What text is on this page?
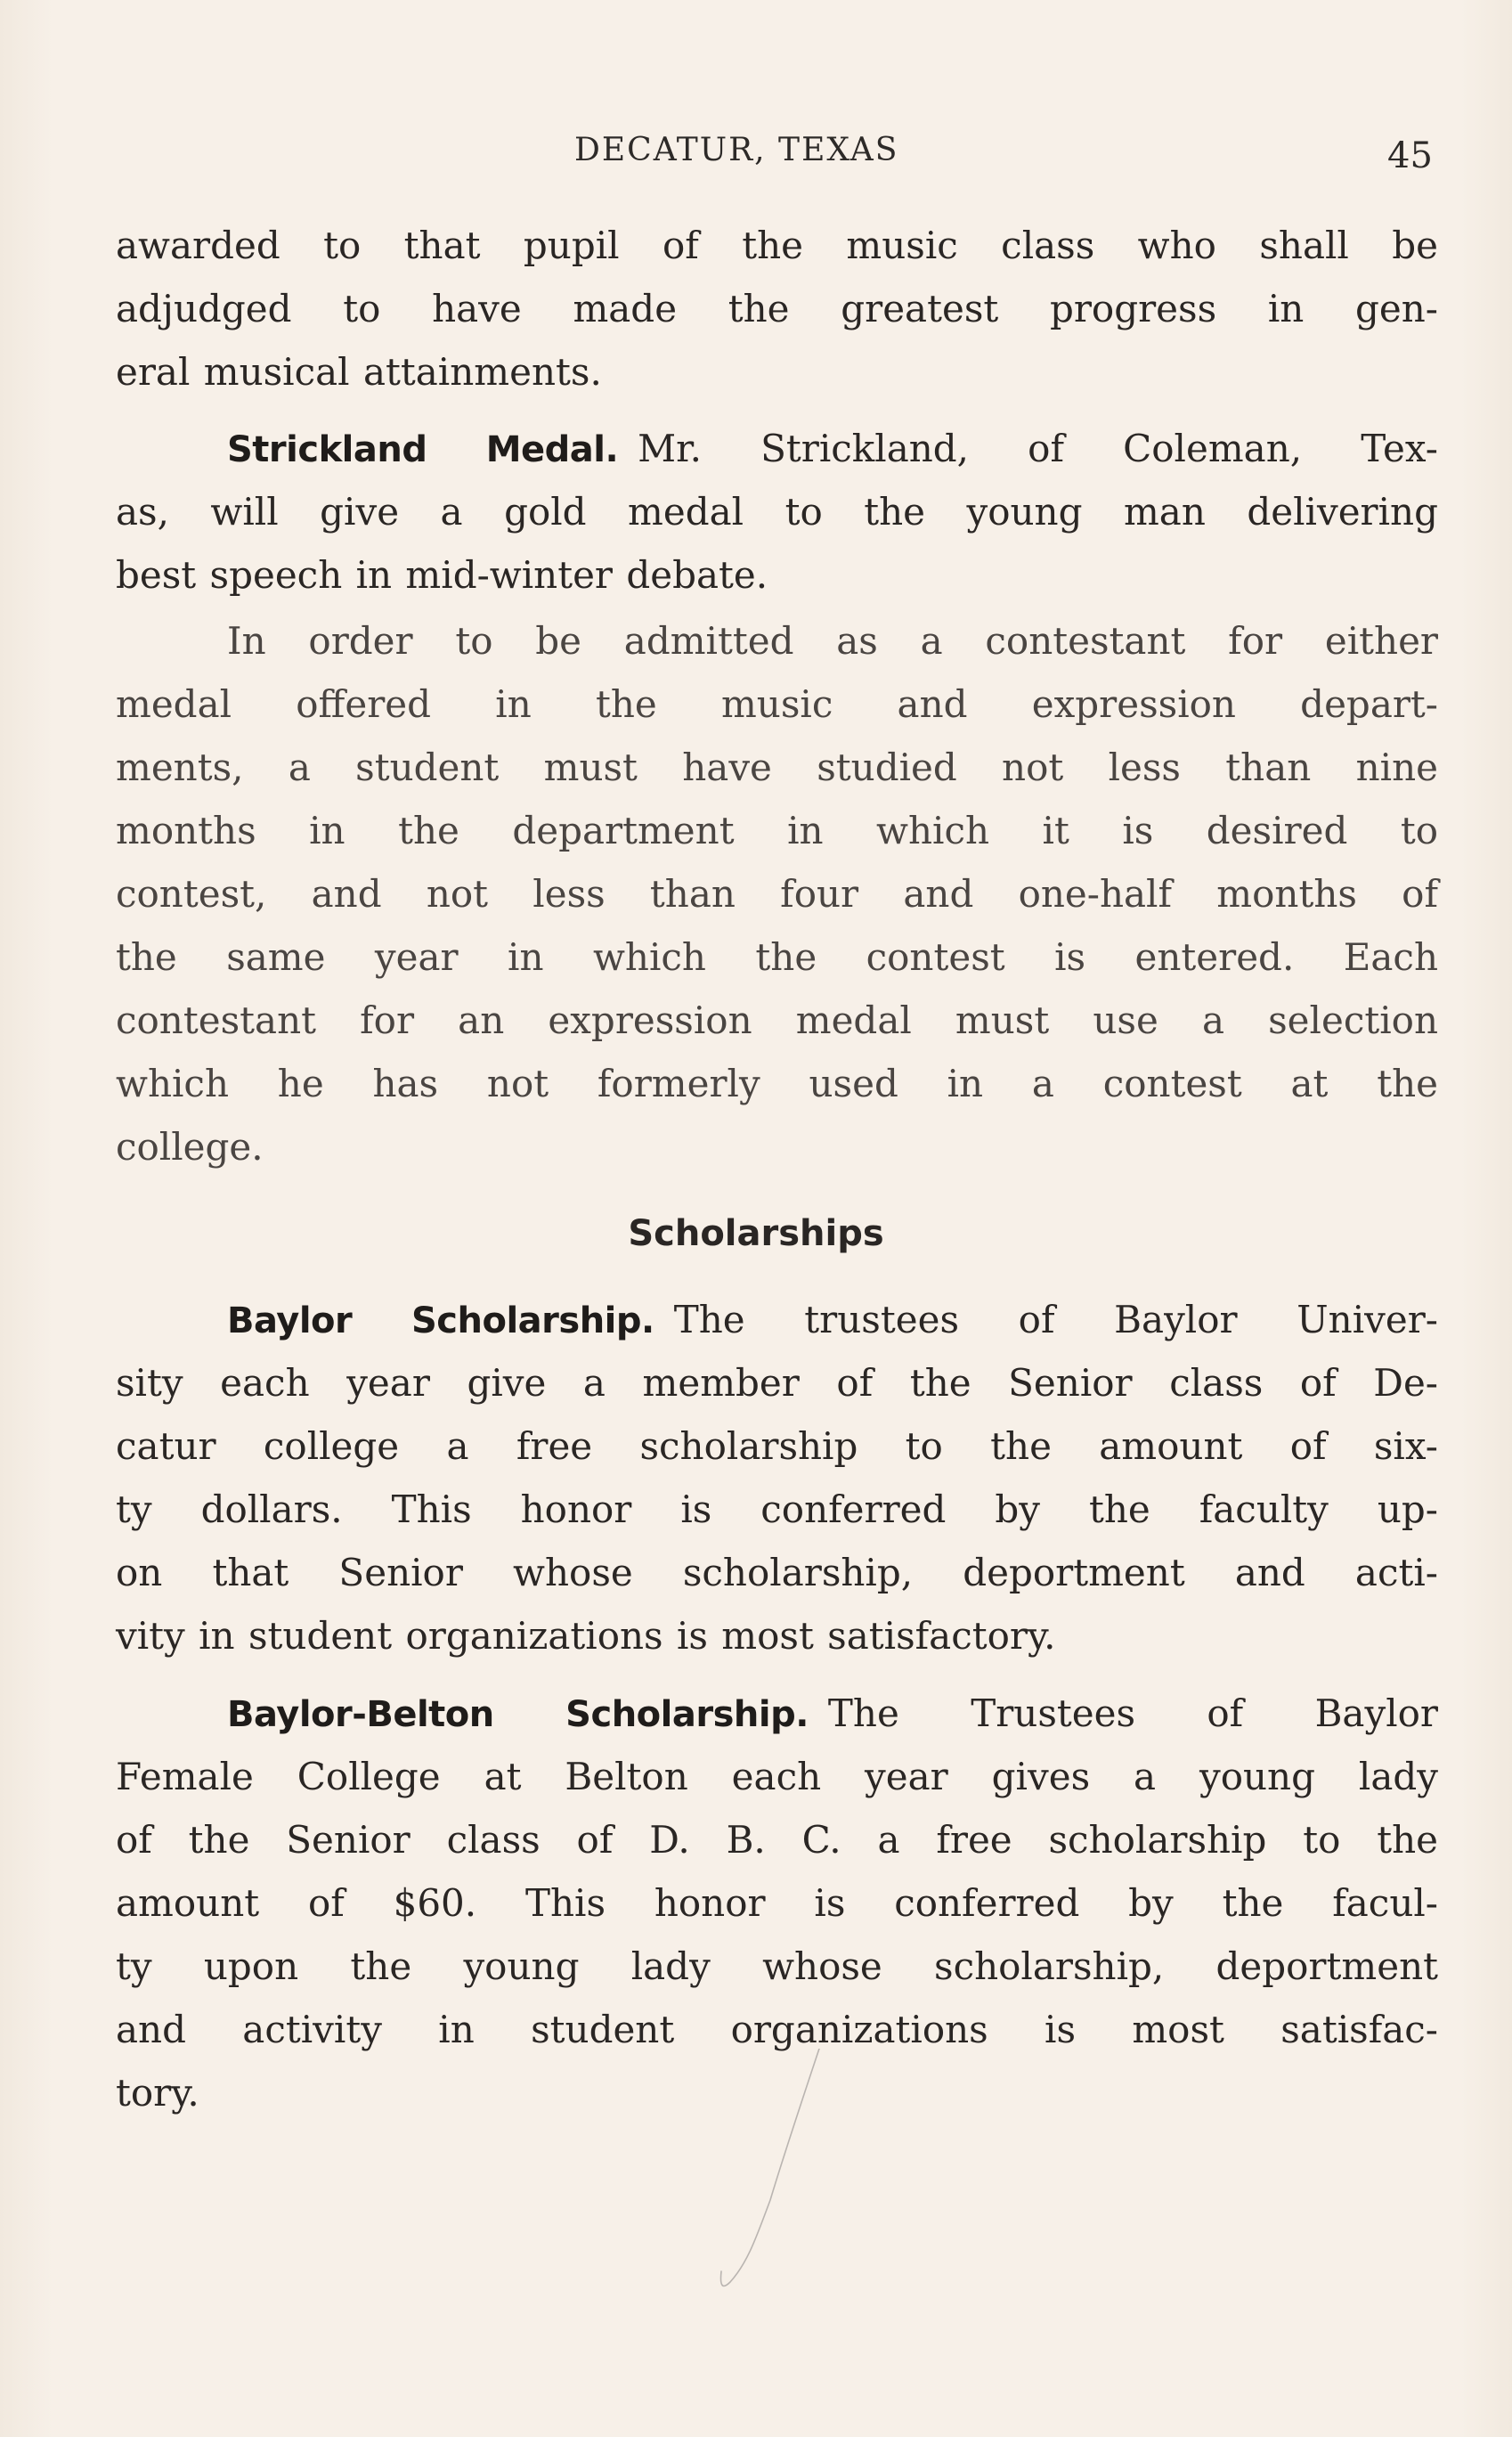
DECATUR, TEXAS	45
awarded to that pupil of the music class who shall be
adjudged to have made the greatest progress in gen-
eral musical attainments.
Strickland Medal. Mr. Strickland, of Coleman, Tex-
as, will give a gold medal to the young man delivering
best speech in mid-winter debate.
In order to be admitted as a contestant for either
medal offered in the music and expression depart-
ments, a student must have studied not less than nine
months in the department in which it is desired to
contest, and not less than four and one-half months of
the same year in which the contest is entered. Each
contestant for an expression medal must use a selection
which he has not formerly used in a contest at the
college.
Scholarships
Baylor Scholarship. The trustees of Baylor Univer-
sity each year give a member of the Senior class of De-
catur college a free scholarship to the amount of six-
ty dollars. This honor is conferred by the faculty up-
on that Senior whose scholarship, deportment and acti-
vity in student organizations is most satisfactory.
Baylor-Belton Scholarship. The Trustees of Baylor
Female College at Belton each year gives a young lady
of the Senior class of D. B. C. a free scholarship to the
amount of $60. This honor is conferred by the facul-
ty upon the young lady whose scholarship, deportment
and activity in student organizations is most satisfac-
tory.
